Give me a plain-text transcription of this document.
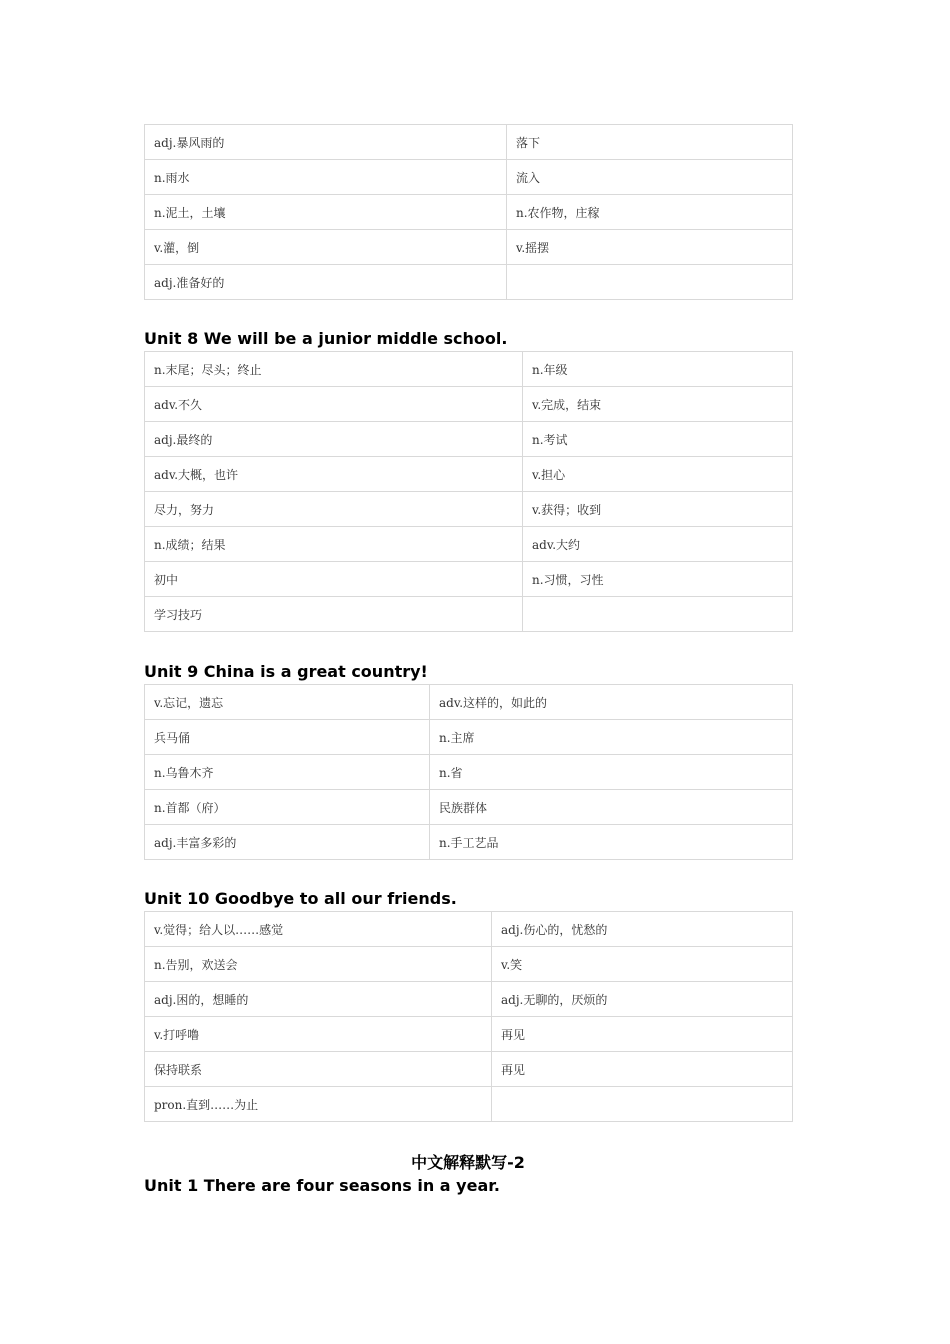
adj.暴风雨的	落下
n.雨水	流入
n.泥土，土壤	n.农作物，庄稼
v.灌，倒	v.摇摆
adj.准备好的	
Unit 8 We will be a junior middle school.
n.末尾；尽头；终止	n.年级
adv.不久	v.完成，结束
adj.最终的	n.考试
adv.大概，也许	v.担心
尽力，努力	v.获得；收到
n.成绩；结果	adv.大约
初中	n.习惯，习性
学习技巧	
Unit 9 China is a great country!
v.忘记，遗忘	adv.这样的，如此的
兵马俑	n.主席
n.乌鲁木齐	n.省
n.首都（府）	民族群体
adj.丰富多彩的	n.手工艺品
Unit 10 Goodbye to all our friends.
v.觉得；给人以……感觉	adj.伤心的，忧愁的
n.告别，欢送会	v.笑
adj.困的，想睡的	adj.无聊的，厌烦的
v.打呼噜	再见
保持联系	再见
pron.直到……为止	
中文解释默写-2
Unit 1 There are four seasons in a year.
